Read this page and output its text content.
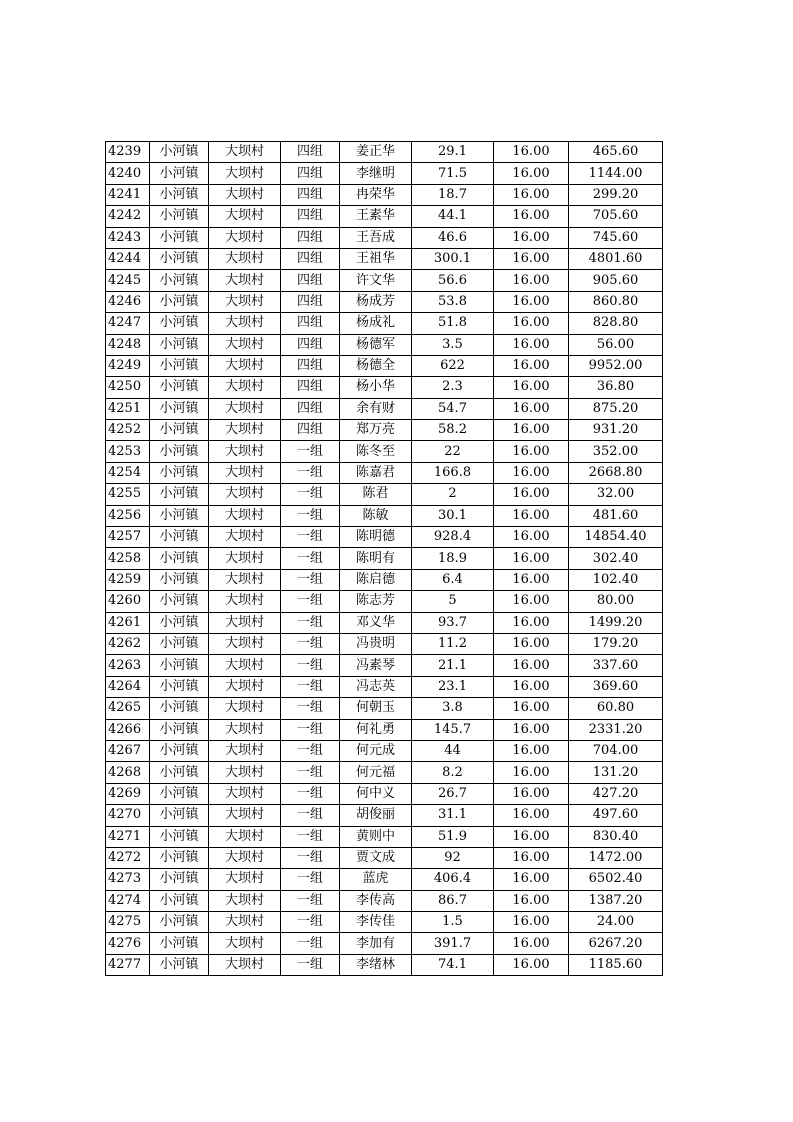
4239	小河镇	大坝村	四组	姜正华	29.1	16.00	465.60
4240	小河镇	大坝村	四组	李继明	71.5	16.00	1144.00
4241	小河镇	大坝村	四组	冉荣华	18.7	16.00	299.20
4242	小河镇	大坝村	四组	王素华	44.1	16.00	705.60
4243	小河镇	大坝村	四组	王吾成	46.6	16.00	745.60
4244	小河镇	大坝村	四组	王祖华	300.1	16.00	4801.60
4245	小河镇	大坝村	四组	许文华	56.6	16.00	905.60
4246	小河镇	大坝村	四组	杨成芳	53.8	16.00	860.80
4247	小河镇	大坝村	四组	杨成礼	51.8	16.00	828.80
4248	小河镇	大坝村	四组	杨德军	3.5	16.00	56.00
4249	小河镇	大坝村	四组	杨德全	622	16.00	9952.00
4250	小河镇	大坝村	四组	杨小华	2.3	16.00	36.80
4251	小河镇	大坝村	四组	余有财	54.7	16.00	875.20
4252	小河镇	大坝村	四组	郑万亮	58.2	16.00	931.20
4253	小河镇	大坝村	一组	陈冬至	22	16.00	352.00
4254	小河镇	大坝村	一组	陈嘉君	166.8	16.00	2668.80
4255	小河镇	大坝村	一组	陈君	2	16.00	32.00
4256	小河镇	大坝村	一组	陈敏	30.1	16.00	481.60
4257	小河镇	大坝村	一组	陈明德	928.4	16.00	14854.40
4258	小河镇	大坝村	一组	陈明有	18.9	16.00	302.40
4259	小河镇	大坝村	一组	陈启德	6.4	16.00	102.40
4260	小河镇	大坝村	一组	陈志芳	5	16.00	80.00
4261	小河镇	大坝村	一组	邓义华	93.7	16.00	1499.20
4262	小河镇	大坝村	一组	冯贵明	11.2	16.00	179.20
4263	小河镇	大坝村	一组	冯素琴	21.1	16.00	337.60
4264	小河镇	大坝村	一组	冯志英	23.1	16.00	369.60
4265	小河镇	大坝村	一组	何朝玉	3.8	16.00	60.80
4266	小河镇	大坝村	一组	何礼勇	145.7	16.00	2331.20
4267	小河镇	大坝村	一组	何元成	44	16.00	704.00
4268	小河镇	大坝村	一组	何元福	8.2	16.00	131.20
4269	小河镇	大坝村	一组	何中义	26.7	16.00	427.20
4270	小河镇	大坝村	一组	胡俊丽	31.1	16.00	497.60
4271	小河镇	大坝村	一组	黄则中	51.9	16.00	830.40
4272	小河镇	大坝村	一组	贾文成	92	16.00	1472.00
4273	小河镇	大坝村	一组	蓝虎	406.4	16.00	6502.40
4274	小河镇	大坝村	一组	李传高	86.7	16.00	1387.20
4275	小河镇	大坝村	一组	李传佳	1.5	16.00	24.00
4276	小河镇	大坝村	一组	李加有	391.7	16.00	6267.20
4277	小河镇	大坝村	一组	李绪林	74.1	16.00	1185.60
